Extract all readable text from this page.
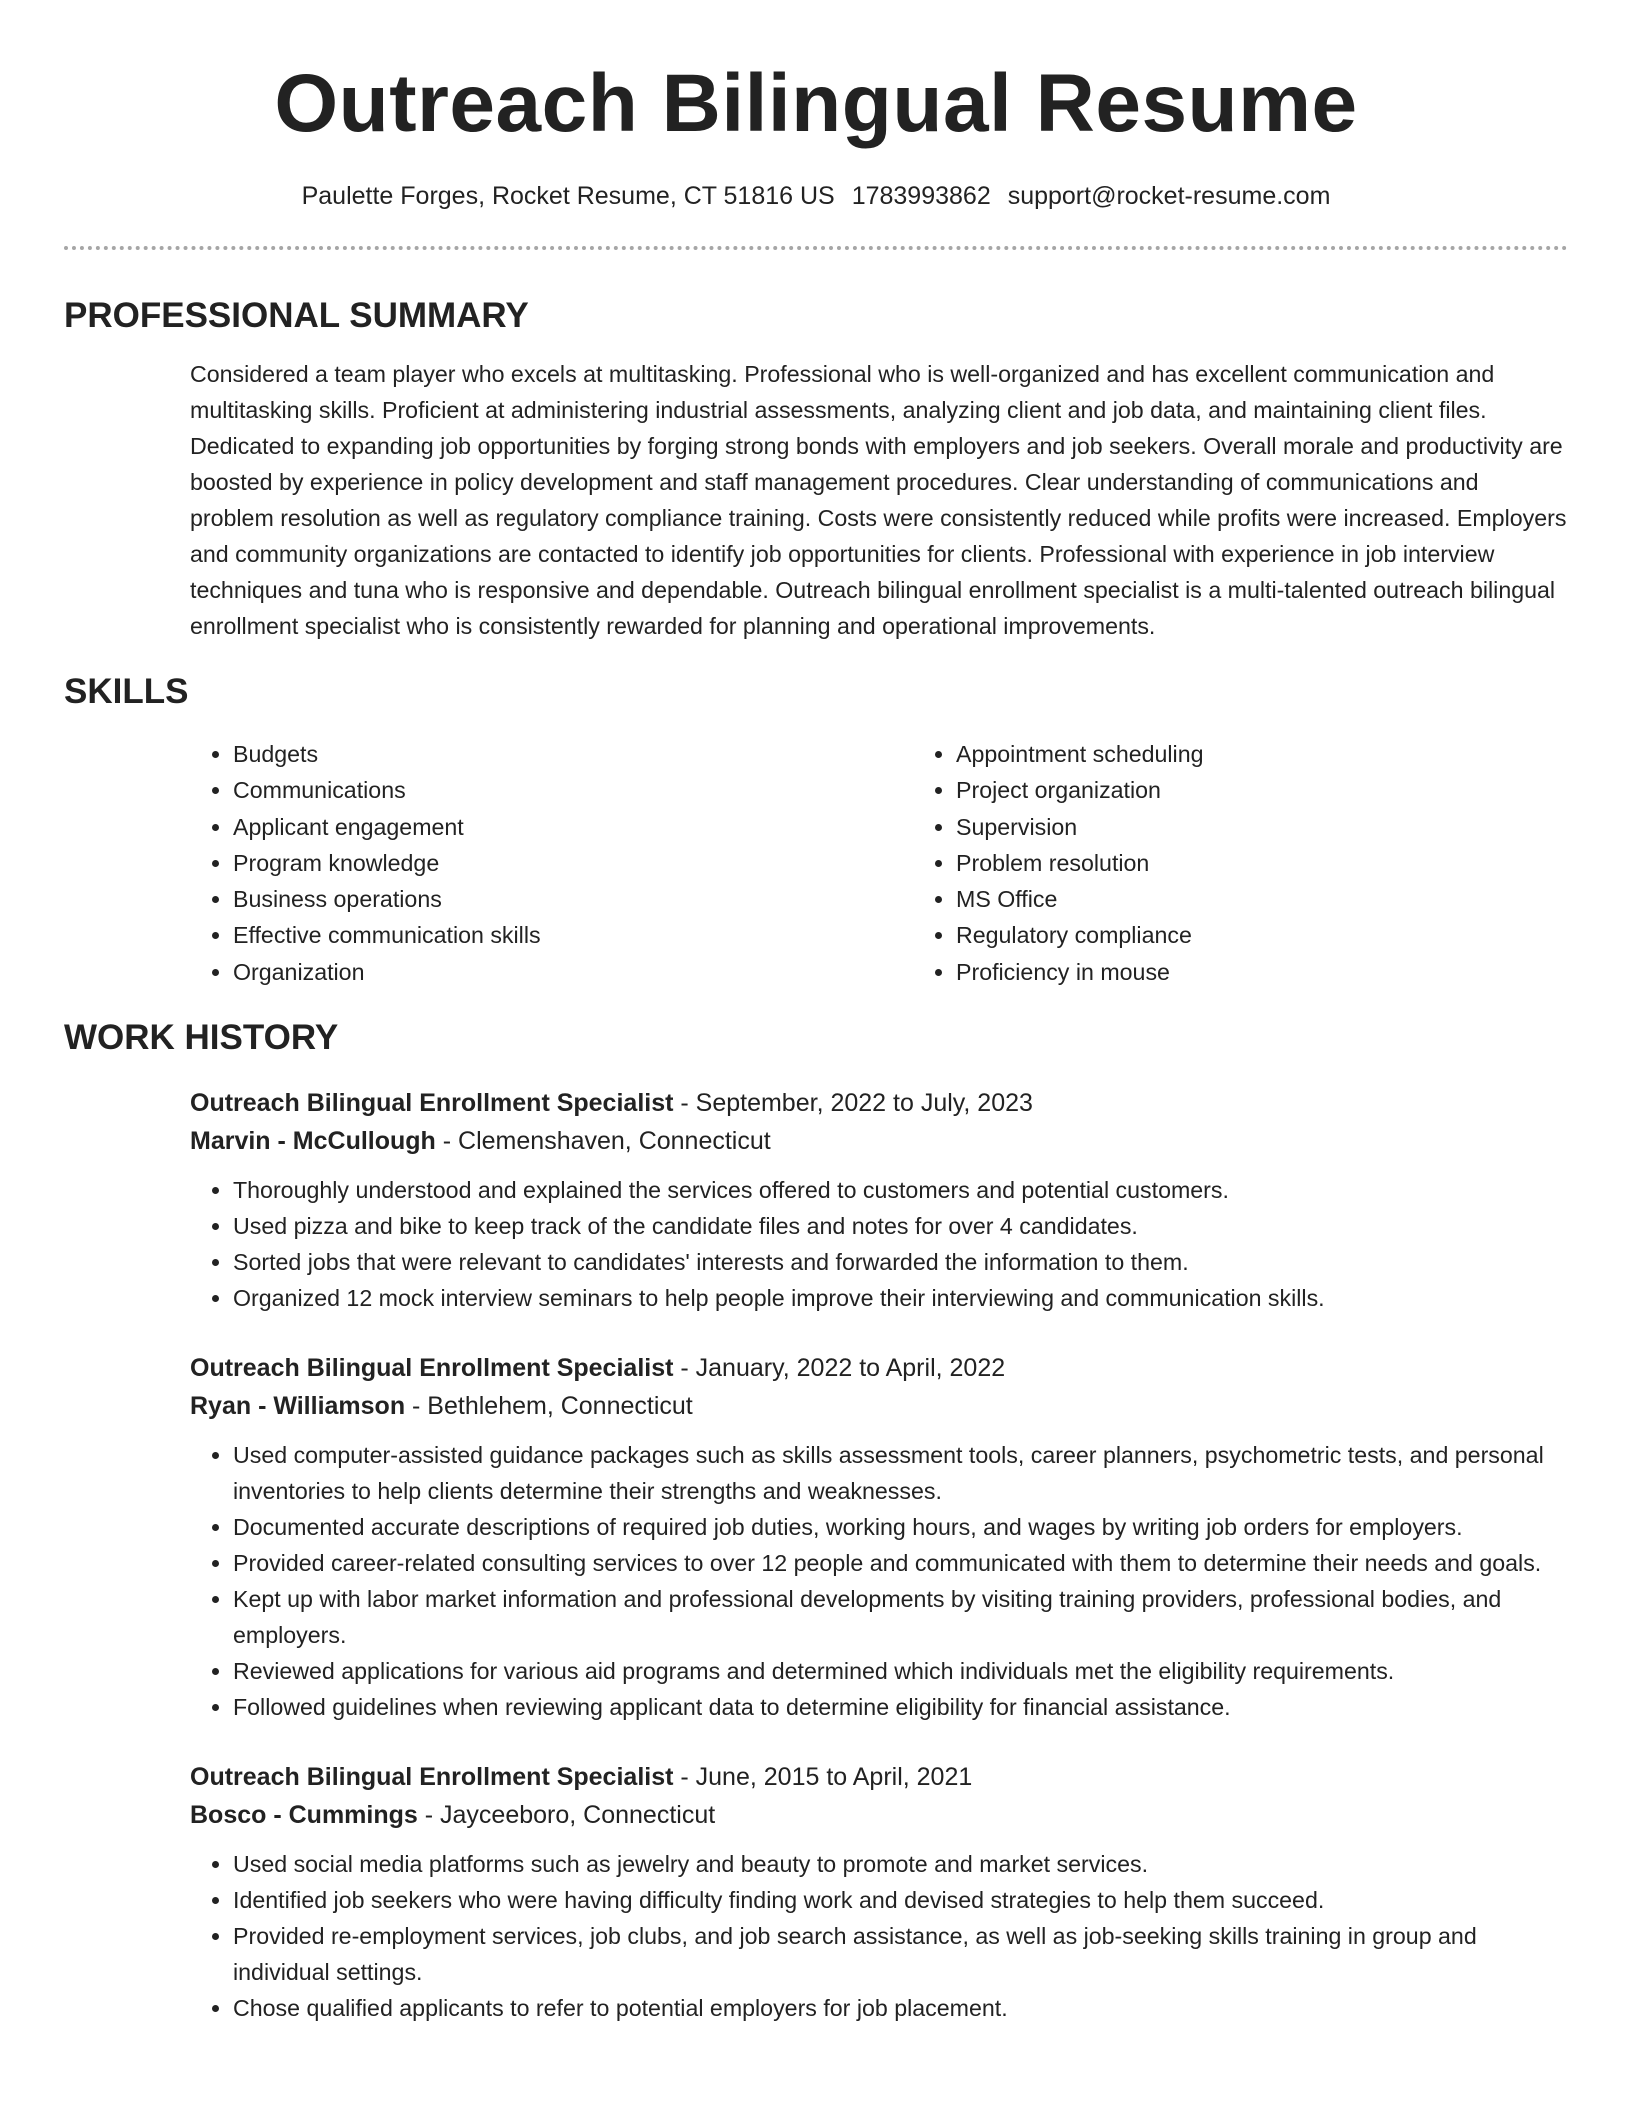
Outreach Bilingual Resume
Paulette Forges, Rocket Resume, CT 51816 US 1783993862 support@rocket-resume.com
PROFESSIONAL SUMMARY

Considered a team player who excels at multitasking. Professional who is well-organized and has excellent communication and multitasking skills. Proficient at administering industrial assessments, analyzing client and job data, and maintaining client files. Dedicated to expanding job opportunities by forging strong bonds with employers and job seekers. Overall morale and productivity are boosted by experience in policy development and staff management procedures. Clear understanding of communications and problem resolution as well as regulatory compliance training. Costs were consistently reduced while profits were increased. Employers and community organizations are contacted to identify job opportunities for clients. Professional with experience in job interview techniques and tuna who is responsive and dependable. Outreach bilingual enrollment specialist is a multi-talented outreach bilingual enrollment specialist who is consistently rewarded for planning and operational improvements.

SKILLS
• Budgets
• Communications
• Applicant engagement
• Program knowledge
• Business operations
• Effective communication skills
• Organization
• Appointment scheduling
• Project organization
• Supervision
• Problem resolution
• MS Office
• Regulatory compliance
• Proficiency in mouse
WORK HISTORY
Outreach Bilingual Enrollment Specialist - September, 2022 to July, 2023
Marvin - McCullough - Clemenshaven, Connecticut
• Thoroughly understood and explained the services offered to customers and potential customers.
• Used pizza and bike to keep track of the candidate files and notes for over 4 candidates.
• Sorted jobs that were relevant to candidates' interests and forwarded the information to them.
• Organized 12 mock interview seminars to help people improve their interviewing and communication skills.
Outreach Bilingual Enrollment Specialist - January, 2022 to April, 2022
Ryan - Williamson - Bethlehem, Connecticut
• Used computer-assisted guidance packages such as skills assessment tools, career planners, psychometric tests, and personal inventories to help clients determine their strengths and weaknesses.
• Documented accurate descriptions of required job duties, working hours, and wages by writing job orders for employers.
• Provided career-related consulting services to over 12 people and communicated with them to determine their needs and goals.
• Kept up with labor market information and professional developments by visiting training providers, professional bodies, and employers.
• Reviewed applications for various aid programs and determined which individuals met the eligibility requirements.
• Followed guidelines when reviewing applicant data to determine eligibility for financial assistance.
Outreach Bilingual Enrollment Specialist - June, 2015 to April, 2021
Bosco - Cummings - Jayceeboro, Connecticut
• Used social media platforms such as jewelry and beauty to promote and market services.
• Identified job seekers who were having difficulty finding work and devised strategies to help them succeed.
• Provided re-employment services, job clubs, and job search assistance, as well as job-seeking skills training in group and individual settings.
• Chose qualified applicants to refer to potential employers for job placement.
